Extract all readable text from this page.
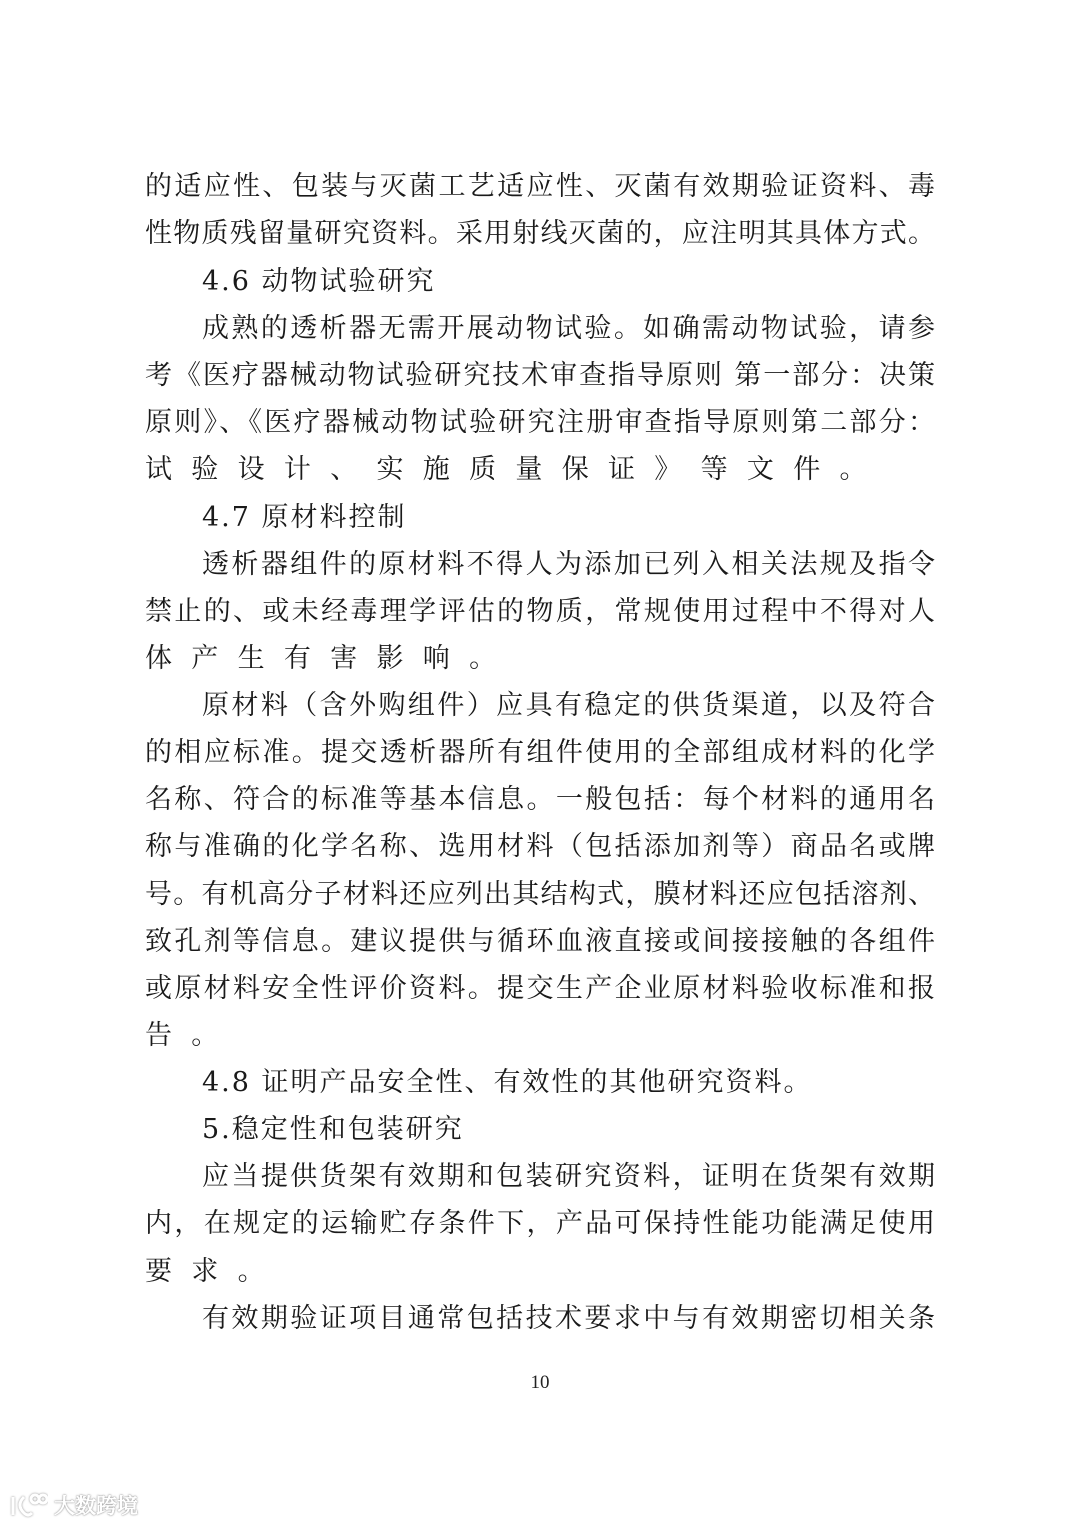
的适应性、包装与灭菌工艺适应性、灭菌有效期验证资料、毒
性物质残留量研究资料。采用射线灭菌的，应注明其具体方式。
4.6 动物试验研究
成熟的透析器无需开展动物试验。如确需动物试验，请参
考《医疗器械动物试验研究技术审查指导原则 第一部分：决策
原则》、《医疗器械动物试验研究注册审查指导原则第二部分：
试验设计、实施质量保证》等文件。
4.7 原材料控制
透析器组件的原材料不得人为添加已列入相关法规及指令
禁止的、或未经毒理学评估的物质，常规使用过程中不得对人
体产生有害影响。
原材料（含外购组件）应具有稳定的供货渠道，以及符合
的相应标准。提交透析器所有组件使用的全部组成材料的化学
名称、符合的标准等基本信息。一般包括：每个材料的通用名
称与准确的化学名称、选用材料（包括添加剂等）商品名或牌
号。有机高分子材料还应列出其结构式，膜材料还应包括溶剂、
致孔剂等信息。建议提供与循环血液直接或间接接触的各组件
或原材料安全性评价资料。提交生产企业原材料验收标准和报
告。
4.8 证明产品安全性、有效性的其他研究资料。
5.稳定性和包装研究
应当提供货架有效期和包装研究资料，证明在货架有效期
内，在规定的运输贮存条件下，产品可保持性能功能满足使用
要求。
有效期验证项目通常包括技术要求中与有效期密切相关条
10
大数跨境
